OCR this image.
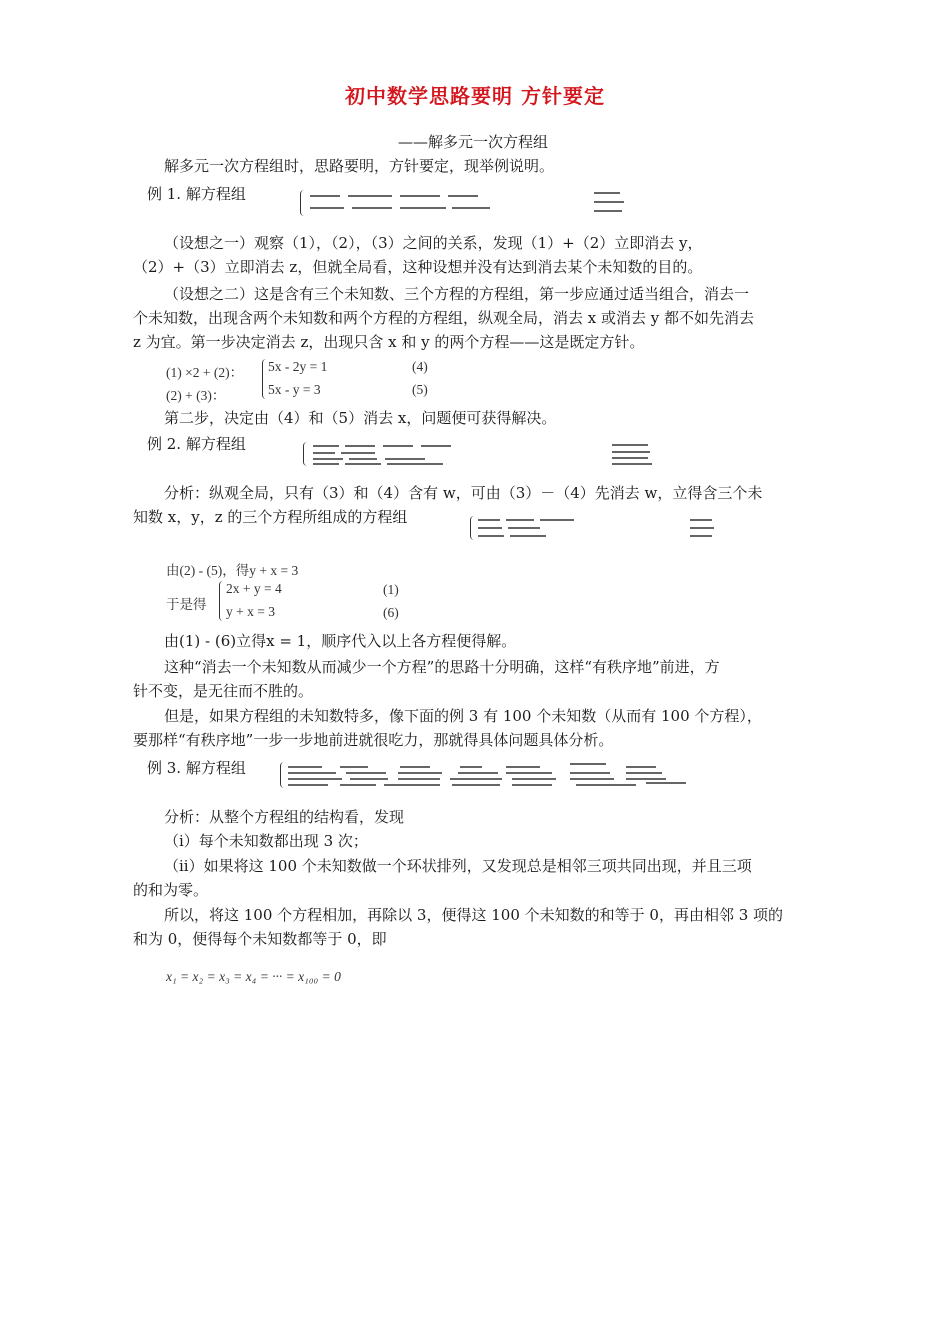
初中数学思路要明 方针要定
——解多元一次方程组
解多元一次方程组时，思路要明，方针要定，现举例说明。
例 1. 解方程组
（设想之一）观察（1），（2），（3）之间的关系，发现（1）+（2）立即消去 y，
（2）+（3）立即消去 z，但就全局看，这种设想并没有达到消去某个未知数的目的。
（设想之二）这是含有三个未知数、三个方程的方程组，第一步应通过适当组合，消去一
个未知数，出现含两个未知数和两个方程的方程组，纵观全局，消去 x 或消去 y 都不如先消去
z 为宜。第一步决定消去 z，出现只含 x 和 y 的两个方程——这是既定方针。
(1) ×2 + (2)：
(2) + (3)：
5x - 2y = 1
5x - y = 3
(4)
(5)
第二步，决定由（4）和（5）消去 x，问题便可获得解决。
例 2. 解方程组
分析：纵观全局，只有（3）和（4）含有 w，可由（3）－（4）先消去 w，立得含三个未
知数 x，y，z 的三个方程所组成的方程组
由(2) - (5)，得y + x = 3
于是得
2x + y = 4
y + x = 3
(1)
(6)
由(1) - (6)立得x = 1，顺序代入以上各方程便得解。
这种“消去一个未知数从而减少一个方程”的思路十分明确，这样“有秩序地”前进，方
针不变，是无往而不胜的。
但是，如果方程组的未知数特多，像下面的例 3 有 100 个未知数（从而有 100 个方程），
要那样“有秩序地”一步一步地前进就很吃力，那就得具体问题具体分析。
例 3. 解方程组
分析：从整个方程组的结构看，发现
（i）每个未知数都出现 3 次；
（ii）如果将这 100 个未知数做一个环状排列，又发现总是相邻三项共同出现，并且三项
的和为零。
所以，将这 100 个方程相加，再除以 3，便得这 100 个未知数的和等于 0，再由相邻 3 项的
和为 0，便得每个未知数都等于 0，即
x₁ = x₂ = x₃ = x₄ = ··· = x₁₀₀ = 0
